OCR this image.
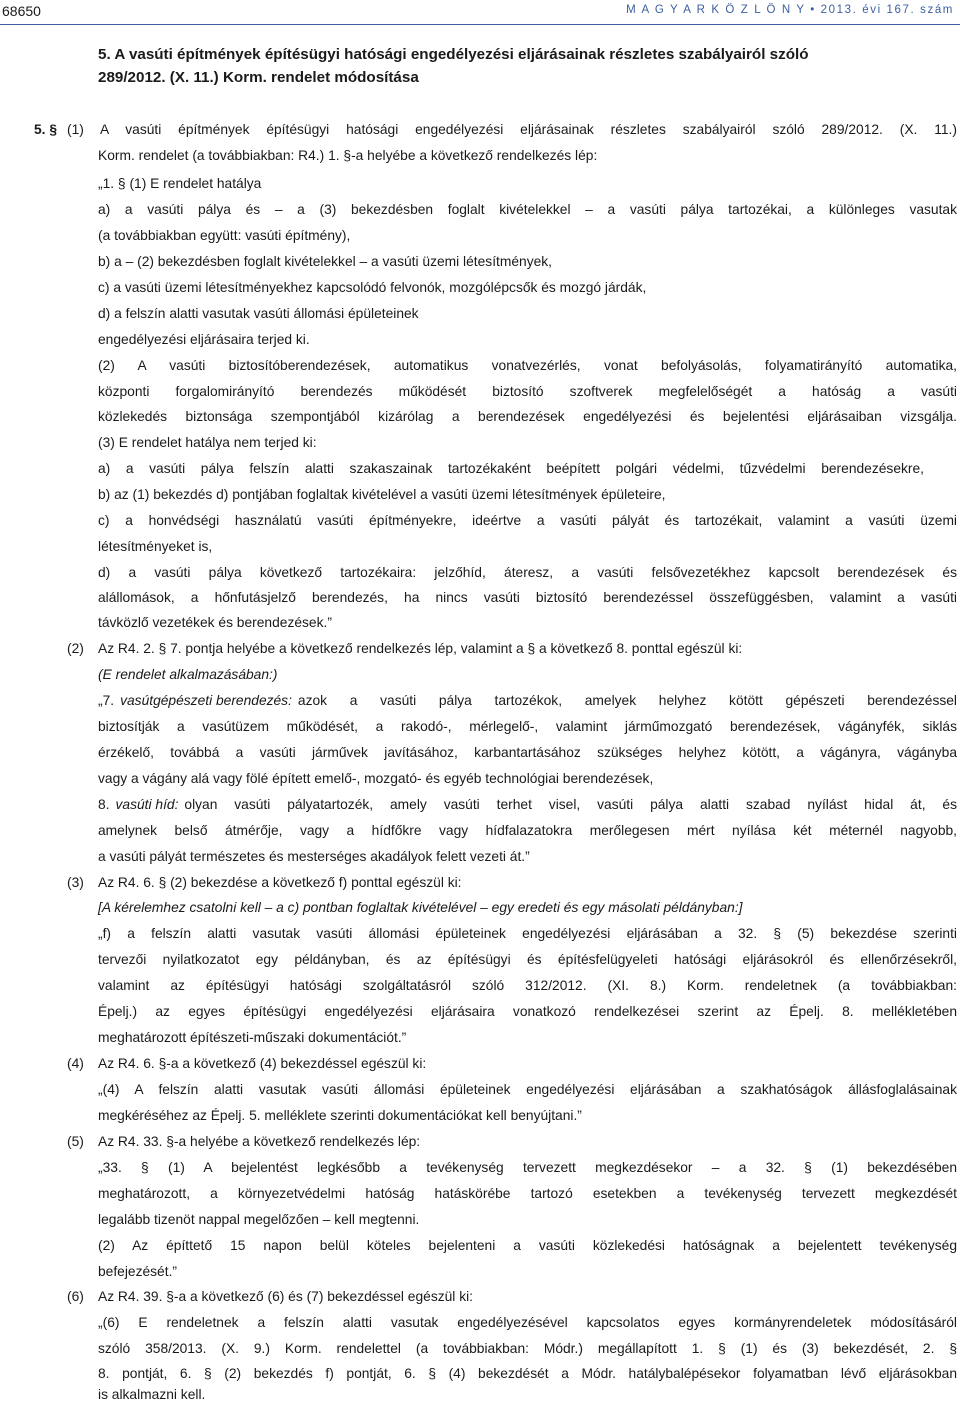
68650	M A G Y A R K Ö Z L Ö N Y • 2013. évi 167. szám
5. A vasúti építmények építésügyi hatósági engedélyezési eljárásainak részletes szabályairól szóló
289/2012. (X. 11.) Korm. rendelet módosítása
5. § (1) A vasúti építmények építésügyi hatósági engedélyezési eljárásainak részletes szabályairól szóló 289/2012. (X. 11.)
Korm. rendelet (a továbbiakban: R4.) 1. §-a helyébe a következő rendelkezés lép:
„1. § (1) E rendelet hatálya
a) a vasúti pálya és – a (3) bekezdésben foglalt kivételekkel – a vasúti pálya tartozékai, a különleges vasutak
(a továbbiakban együtt: vasúti építmény),
b) a – (2) bekezdésben foglalt kivételekkel – a vasúti üzemi létesítmények,
c) a vasúti üzemi létesítményekhez kapcsolódó felvonók, mozgólépcsők és mozgó járdák,
d) a felszín alatti vasutak vasúti állomási épületeinek
engedélyezési eljárásaira terjed ki.
(2) A vasúti biztosítóberendezések, automatikus vonatvezérlés, vonat befolyásolás, folyamatirányító automatika,
központi forgalomirányító berendezés működését biztosító szoftverek megfelelőségét a hatóság a vasúti
közlekedés biztonsága szempontjából kizárólag a berendezések engedélyezési és bejelentési eljárásaiban vizsgálja.
(3) E rendelet hatálya nem terjed ki:
a) a vasúti pálya felszín alatti szakaszainak tartozékaként beépített polgári védelmi, tűzvédelmi berendezésekre,
b) az (1) bekezdés d) pontjában foglaltak kivételével a vasúti üzemi létesítmények épületeire,
c) a honvédségi használatú vasúti építményekre, ideértve a vasúti pályát és tartozékait, valamint a vasúti üzemi
létesítményeket is,
d) a vasúti pálya következő tartozékaira: jelzőhíd, áteresz, a vasúti felsővezetékhez kapcsolt berendezések és
alállomások, a hőnfutásjelző berendezés, ha nincs vasúti biztosító berendezéssel összefüggésben, valamint a vasúti
távközlő vezetékek és berendezések.”
(2) Az R4. 2. § 7. pontja helyébe a következő rendelkezés lép, valamint a § a következő 8. ponttal egészül ki:
(E rendelet alkalmazásában:)
„7. vasútgépészeti berendezés: azok a vasúti pálya tartozékok, amelyek helyhez kötött gépészeti berendezéssel
biztosítják a vasútüzem működését, a rakodó-, mérlegelő-, valamint járműmozgató berendezések, vágányfék, siklás
érzékelő, továbbá a vasúti járművek javításához, karbantartásához szükséges helyhez kötött, a vágányra, vágányba
vagy a vágány alá vagy fölé épített emelő-, mozgató- és egyéb technológiai berendezések,
8. vasúti híd: olyan vasúti pályatartozék, amely vasúti terhet visel, vasúti pálya alatti szabad nyílást hidal át, és
amelynek belső átmérője, vagy a hídfőkre vagy hídfalazatokra merőlegesen mért nyílása két méternél nagyobb,
a vasúti pályát természetes és mesterséges akadályok felett vezeti át.”
(3) Az R4. 6. § (2) bekezdése a következő f) ponttal egészül ki:
[A kérelemhez csatolni kell – a c) pontban foglaltak kivételével – egy eredeti és egy másolati példányban:]
„f) a felszín alatti vasutak vasúti állomási épületeinek engedélyezési eljárásában a 32. § (5) bekezdése szerinti
tervezői nyilatkozatot egy példányban, és az építésügyi és építésfelügyeleti hatósági eljárásokról és ellenőrzésekről,
valamint az építésügyi hatósági szolgáltatásról szóló 312/2012. (XI. 8.) Korm. rendeletnek (a továbbiakban:
Épelj.) az egyes építésügyi engedélyezési eljárásaira vonatkozó rendelkezései szerint az Épelj. 8. mellékletében
meghatározott építészeti-műszaki dokumentációt.”
(4) Az R4. 6. §-a a következő (4) bekezdéssel egészül ki:
„(4) A felszín alatti vasutak vasúti állomási épületeinek engedélyezési eljárásában a szakhatóságok állásfoglalásainak
megkéréséhez az Épelj. 5. melléklete szerinti dokumentációkat kell benyújtani.”
(5) Az R4. 33. §-a helyébe a következő rendelkezés lép:
„33. § (1) A bejelentést legkésőbb a tevékenység tervezett megkezdésekor – a 32. § (1) bekezdésében
meghatározott, a környezetvédelmi hatóság hatáskörébe tartozó esetekben a tevékenység tervezett megkezdését
legalább tizenöt nappal megelőzően – kell megtenni.
(2) Az építtető 15 napon belül köteles bejelenteni a vasúti közlekedési hatóságnak a bejelentett tevékenység
befejezését.”
(6) Az R4. 39. §-a a következő (6) és (7) bekezdéssel egészül ki:
„(6) E rendeletnek a felszín alatti vasutak engedélyezésével kapcsolatos egyes kormányrendeletek módosításáról
szóló 358/2013. (X. 9.) Korm. rendelettel (a továbbiakban: Módr.) megállapított 1. § (1) és (3) bekezdését, 2. §
8. pontját, 6. § (2) bekezdés f) pontját, 6. § (4) bekezdését a Módr. hatálybalépésekor folyamatban lévő eljárásokban
is alkalmazni kell.
